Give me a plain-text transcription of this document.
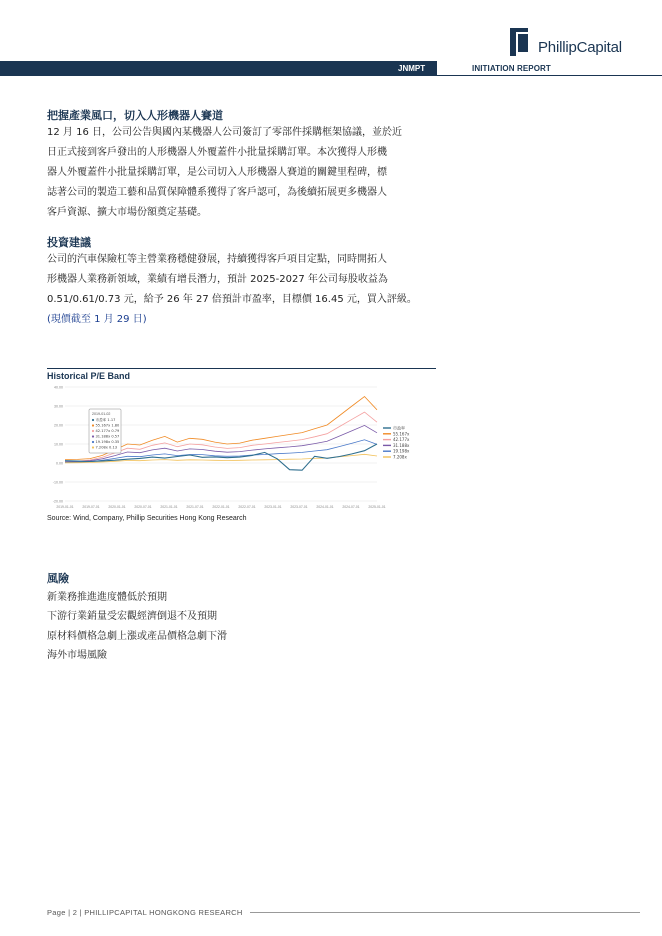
PhillipCapital
JNMPT	INITIATION REPORT
把握產業風口，切入人形機器人賽道
12 月 16 日，公司公告與國內某機器人公司簽訂了零部件採購框架協議，並於近
日正式接到客戶發出的人形機器人外覆蓋件小批量採購訂單。本次獲得人形機
器人外覆蓋件小批量採購訂單，是公司切入人形機器人賽道的關鍵里程碑，標
誌著公司的製造工藝和品質保障體系獲得了客戶認可，為後續拓展更多機器人
客戶資源、擴大市場份額奠定基礎。
投資建議
公司的汽車保險杠等主營業務穩健發展，持續獲得客戶項目定點，同時開拓人
形機器人業務新領域，業績有增長潛力，預計 2025-2027 年公司每股收益為
0.51/0.61/0.73 元，給予 26 年 27 倍預計市盈率，目標價 16.45 元，買入評級。
(現價截至 1 月 29 日)
Historical P/E Band
40.00
30.00
20.00
10.00
0.00
-10.00
-20.00
2019-01-01	2019-07-01	2020-01-01	2020-07-01	2021-01-01	2021-07-01	2022-01-01	2022-07-01	2023-01-01	2023-07-01	2024-01-01	2024-07-01	2025-01-01
市盈率
55.167x
42.177x
31.188x
19.198x
7.208x
2019-01-02
市盈率 1.17
55.167x 1.80
42.177x 0.79
31.188x 0.57
19.198x 0.35
7.208x 0.13
Source: Wind, Company, Phillip Securities Hong Kong Research
風險
新業務推進進度體低於預期
下游行業銷量受宏觀經濟倒退不及預期
原材料價格急劇上漲或產品價格急劇下滑
海外市場風險
Page | 2 | PHILLIPCAPITAL HONGKONG RESEARCH
